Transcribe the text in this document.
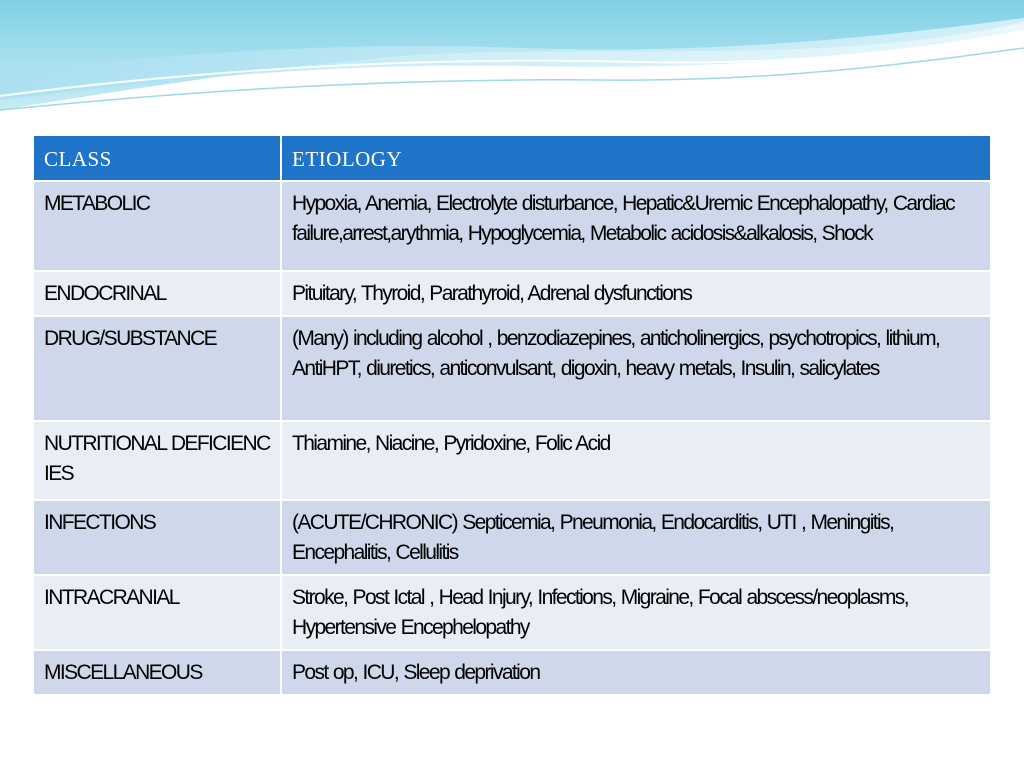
CLASS	ETIOLOGY
METABOLIC	Hypoxia, Anemia, Electrolyte disturbance, Hepatic&Uremic Encephalopathy, Cardiac failure,arrest,arythmia, Hypoglycemia, Metabolic acidosis&alkalosis, Shock
ENDOCRINAL	Pituitary, Thyroid, Parathyroid, Adrenal dysfunctions
DRUG/SUBSTANCE	(Many) including alcohol , benzodiazepines, anticholinergics, psychotropics, lithium, AntiHPT, diuretics, anticonvulsant, digoxin, heavy metals, Insulin, salicylates
NUTRITIONAL DEFICIENCIES	Thiamine, Niacine, Pyridoxine, Folic Acid
INFECTIONS	(ACUTE/CHRONIC) Septicemia, Pneumonia, Endocarditis, UTI , Meningitis, Encephalitis, Cellulitis
INTRACRANIAL	Stroke, Post Ictal , Head Injury, Infections, Migraine, Focal abscess/neoplasms, Hypertensive Encephelopathy
MISCELLANEOUS	Post op, ICU, Sleep deprivation
